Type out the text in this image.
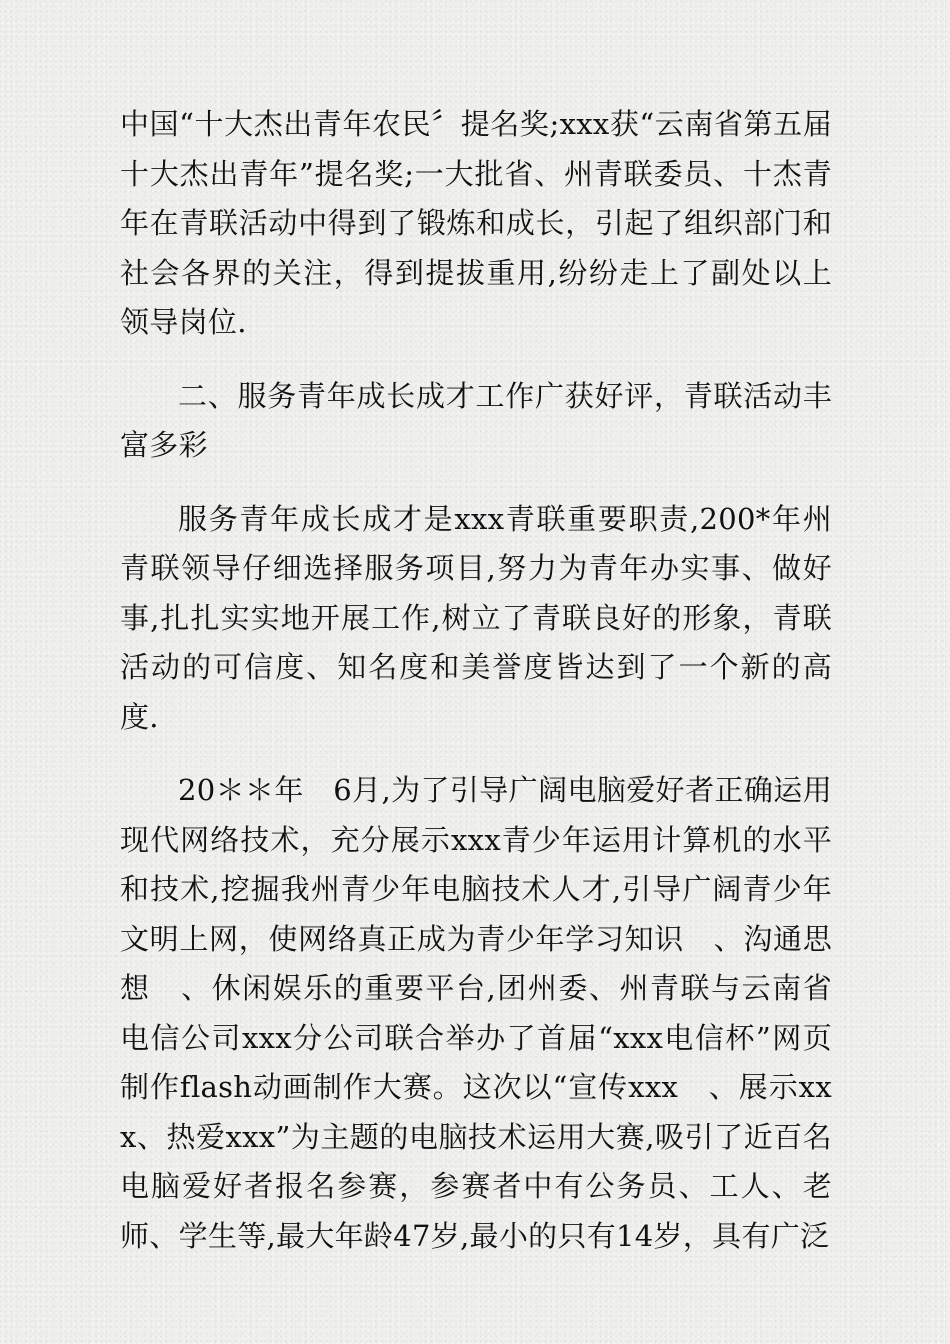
中国“十大杰出青年农民〞提名奖;xxx获“云南省第五届十大杰出青年”提名奖;一大批省、州青联委员、十杰青年在青联活动中得到了锻炼和成长，引起了组织部门和社会各界的关注，得到提拔重用,纷纷走上了副处以上领导岗位.

二、服务青年成长成才工作广获好评，青联活动丰富多彩

服务青年成长成才是xxx青联重要职责,200*年州青联领导仔细选择服务项目,努力为青年办实事、做好事,扎扎实实地开展工作,树立了青联良好的形象，青联活动的可信度、知名度和美誉度皆达到了一个新的高度.

20＊＊年　6月,为了引导广阔电脑爱好者正确运用现代网络技术，充分展示xxx青少年运用计算机的水平和技术,挖掘我州青少年电脑技术人才,引导广阔青少年文明上网，使网络真正成为青少年学习知识　、沟通思想　、休闲娱乐的重要平台,团州委、州青联与云南省电信公司xxx分公司联合举办了首届“xxx电信杯”网页制作flash动画制作大赛。这次以“宣传xxx　、展示xxx、热爱xxx”为主题的电脑技术运用大赛,吸引了近百名电脑爱好者报名参赛，参赛者中有公务员、工人、老师、学生等,最大年龄47岁,最小的只有14岁，具有广泛
